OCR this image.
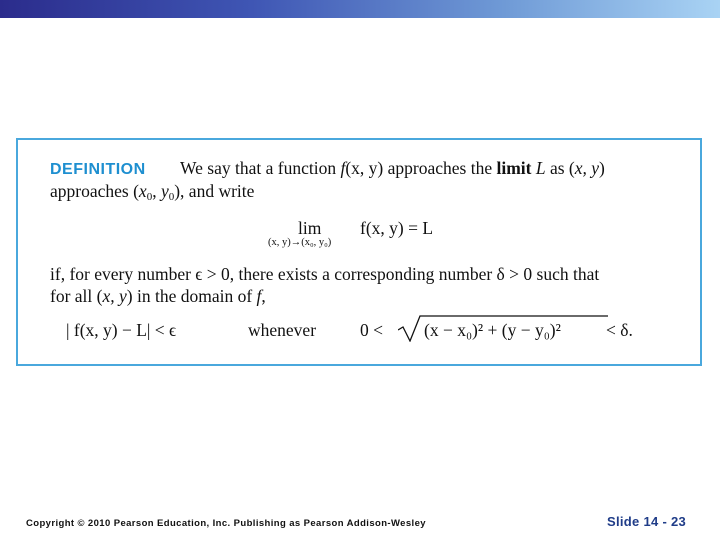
DEFINITION We say that a function f(x, y) approaches the limit L as (x, y)
approaches ($x_0$, $y_0$), and write
lim
(x, y)→(x₀, y₀)
f(x, y) = L
if, for every number ϵ > 0, there exists a corresponding number δ > 0 such that
for all (x, y) in the domain of f,
| f(x, y) − L| < ϵ	whenever	0 < (x − x₀)² + (y − y₀)²	< δ.
Copyright © 2010 Pearson Education, Inc. Publishing as Pearson Addison-Wesley	Slide 14 - 23
